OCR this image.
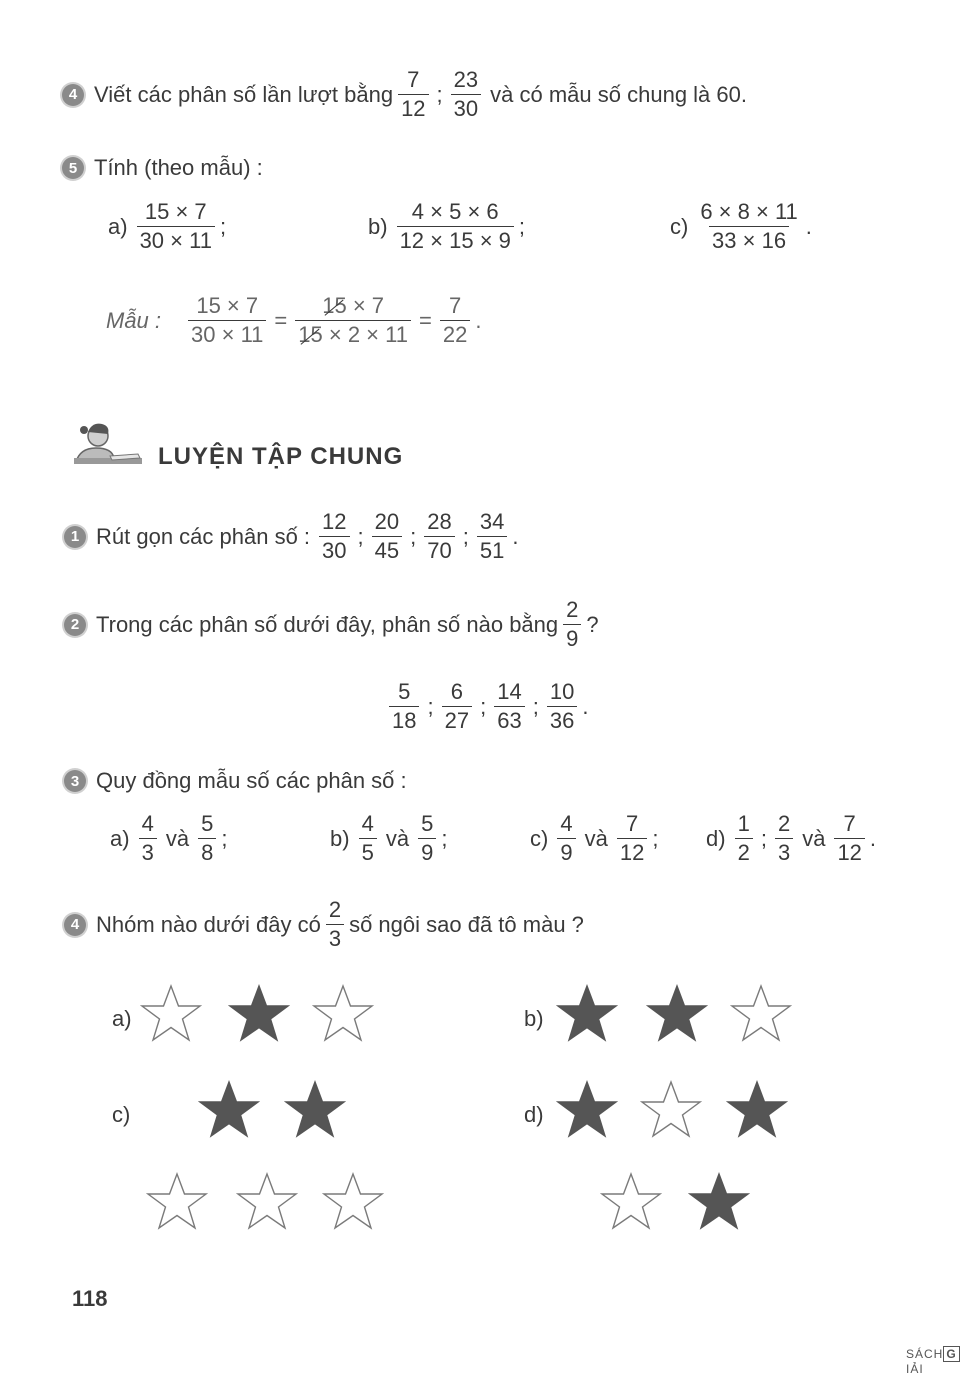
4 Viết các phân số lần lượt bằng $\frac{7}{12}$ ; $\frac{23}{30}$ và có mẫu số chung là 60.
5 Tính (theo mẫu) :
$a) \frac{15 \times 7}{30 \times 11}$ ;	$b) \frac{4 \times 5 \times 6}{12 \times 15 \times 9}$ ;	$c) \frac{6 \times 8 \times 11}{33 \times 16}$ .
Mẫu : $\frac{15 \times 7}{30 \times 11} = \frac{15 \times 7}{15 \times 2 \times 11} = \frac{7}{22}$ .
LUYỆN TẬP CHUNG
1 Rút gọn các phân số : $\frac{12}{30}$ ; $\frac{20}{45}$ ; $\frac{28}{70}$ ; $\frac{34}{51}$ .
2 Trong các phân số dưới đây, phân số nào bằng $\frac{2}{9}$ ?
$\frac{5}{18}$ ; $\frac{6}{27}$ ; $\frac{14}{63}$ ; $\frac{10}{36}$ .
3 Quy đồng mẫu số các phân số :
$a) \frac{4}{3}$ và $\frac{5}{8}$ ;	$b) \frac{4}{5}$ và $\frac{5}{9}$ ;	$c) \frac{4}{9}$ và $\frac{7}{12}$ ; $d) \frac{1}{2}$ ; $\frac{2}{3}$ và $\frac{7}{12}$ .
4 Nhóm nào dưới đây có $\frac{2}{3}$ số ngôi sao đã tô màu ?
a)	b)
c)	d)
118
SÁCH GIẢI
